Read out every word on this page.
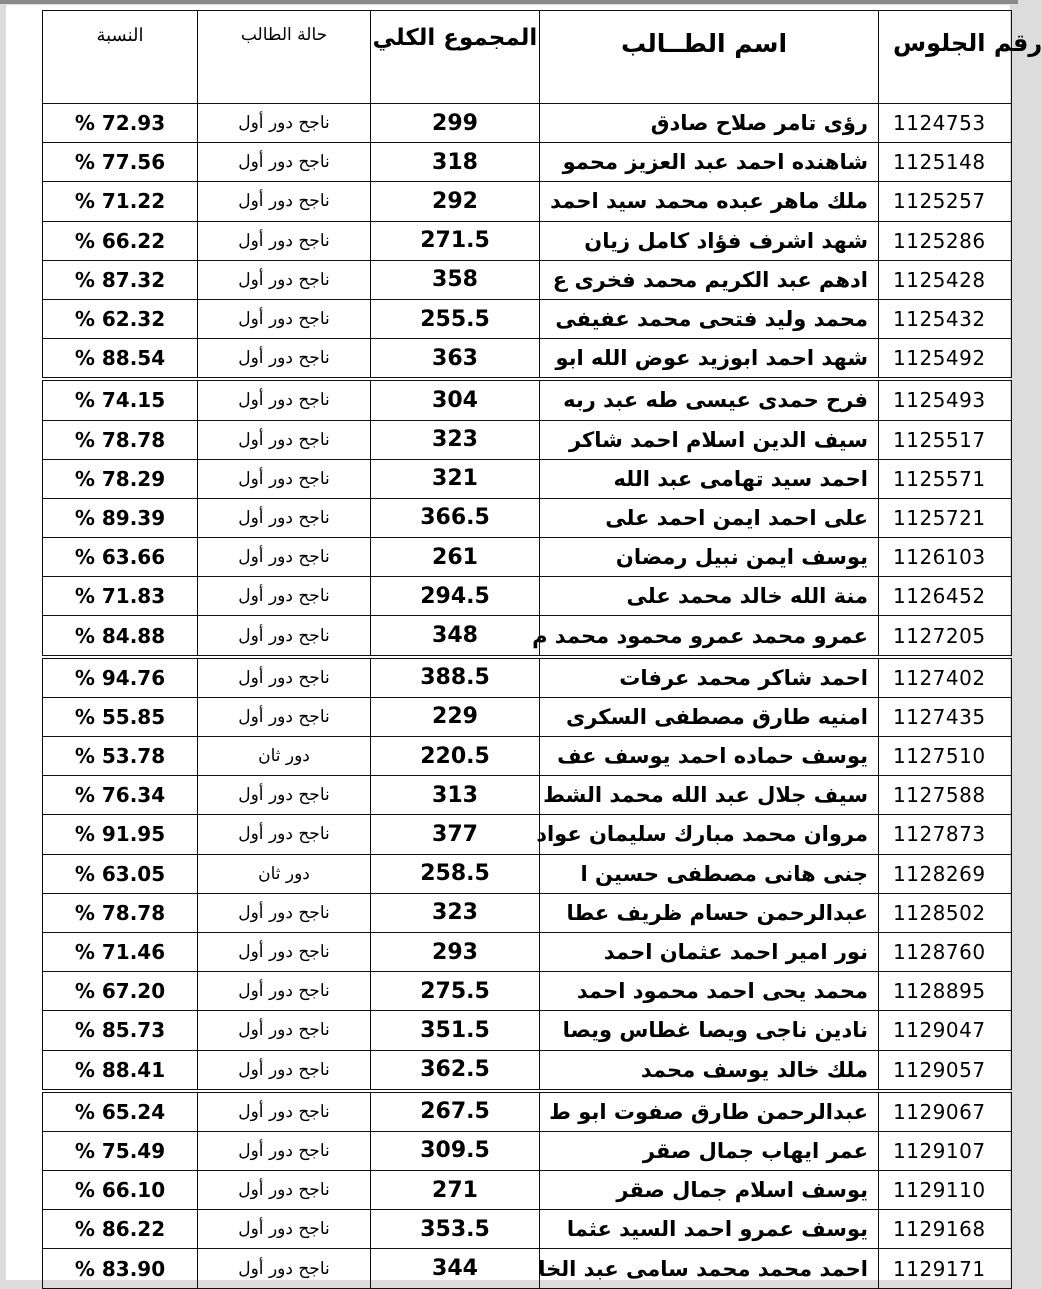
رقم الجلوس	اسم الطــالب	المجموع الكلي	حالة الطالب	النسبة
1124753	رؤى تامر صلاح صادق	299	ناجح دور أول	% 72.93
1125148	شاهنده احمد عبد العزيز محمو	318	ناجح دور أول	% 77.56
1125257	ملك ماهر عبده محمد سيد احمد	292	ناجح دور أول	% 71.22
1125286	شهد اشرف فؤاد كامل زيان	271.5	ناجح دور أول	% 66.22
1125428	ادهم عبد الكريم محمد فخرى ع	358	ناجح دور أول	% 87.32
1125432	محمد وليد فتحى محمد عفيفى	255.5	ناجح دور أول	% 62.32
1125492	شهد احمد ابوزيد عوض الله ابو	363	ناجح دور أول	% 88.54
1125493	فرح حمدى عيسى طه عبد ربه	304	ناجح دور أول	% 74.15
1125517	سيف الدين اسلام احمد شاكر	323	ناجح دور أول	% 78.78
1125571	احمد سيد تهامى عبد الله	321	ناجح دور أول	% 78.29
1125721	على احمد ايمن احمد على	366.5	ناجح دور أول	% 89.39
1126103	يوسف ايمن نبيل رمضان	261	ناجح دور أول	% 63.66
1126452	منة الله خالد محمد على	294.5	ناجح دور أول	% 71.83
1127205	عمرو محمد عمرو محمود محمد م	348	ناجح دور أول	% 84.88
1127402	احمد شاكر محمد عرفات	388.5	ناجح دور أول	% 94.76
1127435	امنيه طارق مصطفى السكرى	229	ناجح دور أول	% 55.85
1127510	يوسف حماده احمد يوسف عف	220.5	دور ثان	% 53.78
1127588	سيف جلال عبد الله محمد الشط	313	ناجح دور أول	% 76.34
1127873	مروان محمد مبارك سليمان عواد	377	ناجح دور أول	% 91.95
1128269	جنى هانى مصطفى حسين ا	258.5	دور ثان	% 63.05
1128502	عبدالرحمن حسام ظريف عطا	323	ناجح دور أول	% 78.78
1128760	نور امير احمد عثمان احمد	293	ناجح دور أول	% 71.46
1128895	محمد يحى احمد محمود احمد	275.5	ناجح دور أول	% 67.20
1129047	نادين ناجى ويصا غطاس ويصا	351.5	ناجح دور أول	% 85.73
1129057	ملك خالد يوسف محمد	362.5	ناجح دور أول	% 88.41
1129067	عبدالرحمن طارق صفوت ابو ط	267.5	ناجح دور أول	% 65.24
1129107	عمر ايهاب جمال صقر	309.5	ناجح دور أول	% 75.49
1129110	يوسف اسلام جمال صقر	271	ناجح دور أول	% 66.10
1129168	يوسف عمرو احمد السيد عثما	353.5	ناجح دور أول	% 86.22
1129171	احمد محمد محمد سامى عبد الخا	344	ناجح دور أول	% 83.90
